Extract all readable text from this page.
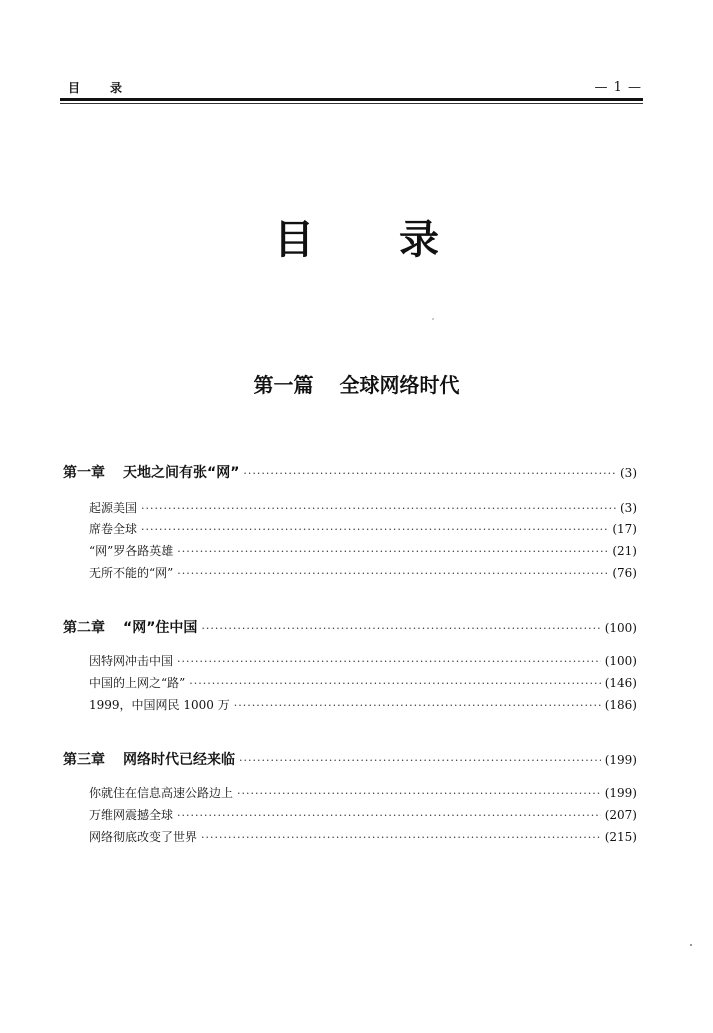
目录	— 1 —
目录
第一篇 全球网络时代
第一章 天地之间有张“网” ·····	(3)
起源美国 ·····	(3)
席卷全球 ·····	(17)
“网”罗各路英雄 ·····	(21)
无所不能的“网” ·····	(76)
第二章 “网”住中国 ·····	(100)
因特网冲击中国 ·····	(100)
中国的上网之“路” ·····	(146)
1999，中国网民 1000 万 ·····	(186)
第三章 网络时代已经来临 ·····	(199)
你就住在信息高速公路边上 ·····	(199)
万维网震撼全球 ·····	(207)
网络彻底改变了世界 ·····	(215)
